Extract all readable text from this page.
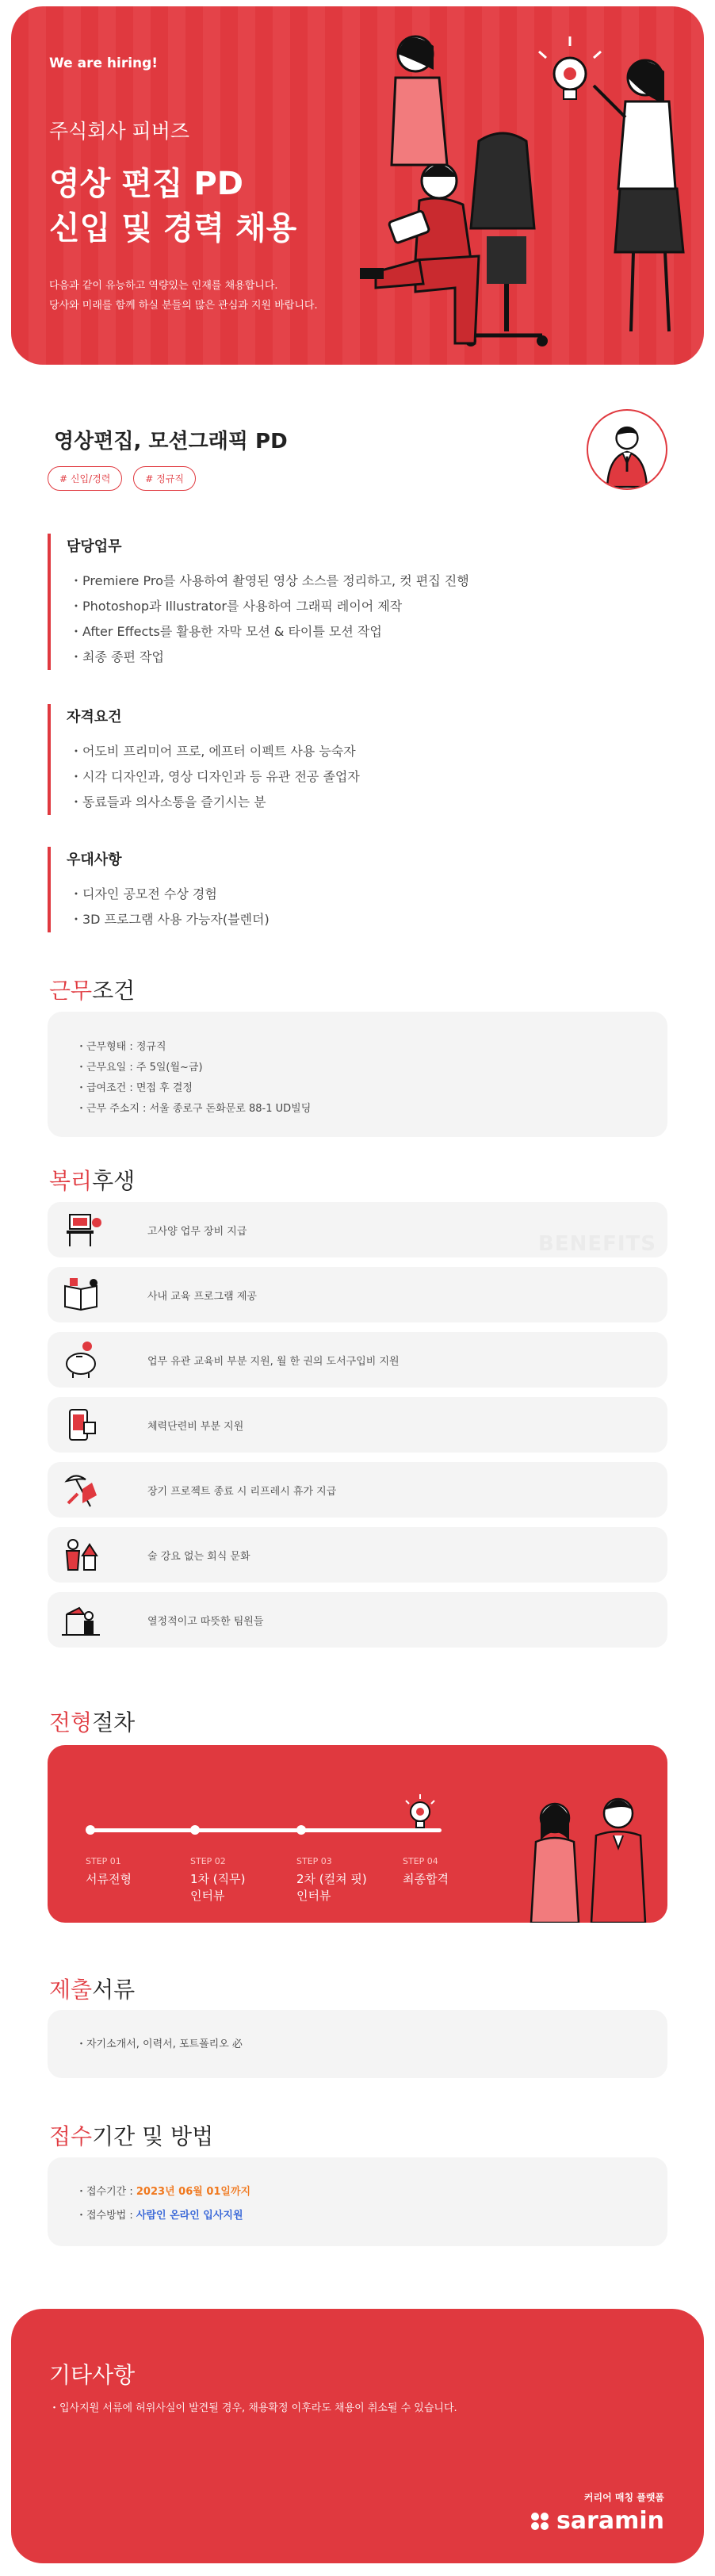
We are hiring!
주식회사 피버즈
영상 편집 PD
신입 및 경력 채용
다음과 같이 유능하고 역량있는 인재를 채용합니다.
당사와 미래를 함께 하실 분들의 많은 관심과 지원 바랍니다.
영상편집, 모션그래픽 PD
# 신입/경력	# 정규직
담당업무
・Premiere Pro를 사용하여 촬영된 영상 소스를 정리하고, 컷 편집 진행
・Photoshop과 Illustrator를 사용하여 그래픽 레이어 제작
・After Effects를 활용한 자막 모션 & 타이틀 모션 작업
・최종 종편 작업
자격요건
・어도비 프리미어 프로, 에프터 이펙트 사용 능숙자
・시각 디자인과, 영상 디자인과 등 유관 전공 졸업자
・동료들과 의사소통을 즐기시는 분
우대사항
・디자인 공모전 수상 경험
・3D 프로그램 사용 가능자(블렌더)
근무조건
・근무형태 : 정규직
・근무요일 : 주 5일(월~금)
・급여조건 : 면접 후 결정
・근무 주소지 : 서울 종로구 돈화문로 88-1 UD빌딩
복리후생
고사양 업무 장비 지급
BENEFITS
사내 교육 프로그램 제공
업무 유관 교육비 부분 지원, 월 한 권의 도서구입비 지원
체력단련비 부분 지원
장기 프로젝트 종료 시 리프레시 휴가 지급
술 강요 없는 회식 문화
열정적이고 따뜻한 팀원들
전형절차
STEP 01
서류전형
STEP 02
1차 (직무)
인터뷰
STEP 03
2차 (컬쳐 핏)
인터뷰
STEP 04
최종합격
제출서류
・자기소개서, 이력서, 포트폴리오 必
접수기간 및 방법
・접수기간 : 2023년 06월 01일까지
・접수방법 : 사람인 온라인 입사지원
기타사항
・입사지원 서류에 허위사실이 발견될 경우, 채용확정 이후라도 채용이 취소될 수 있습니다.
커리어 매칭 플랫폼
saramin
